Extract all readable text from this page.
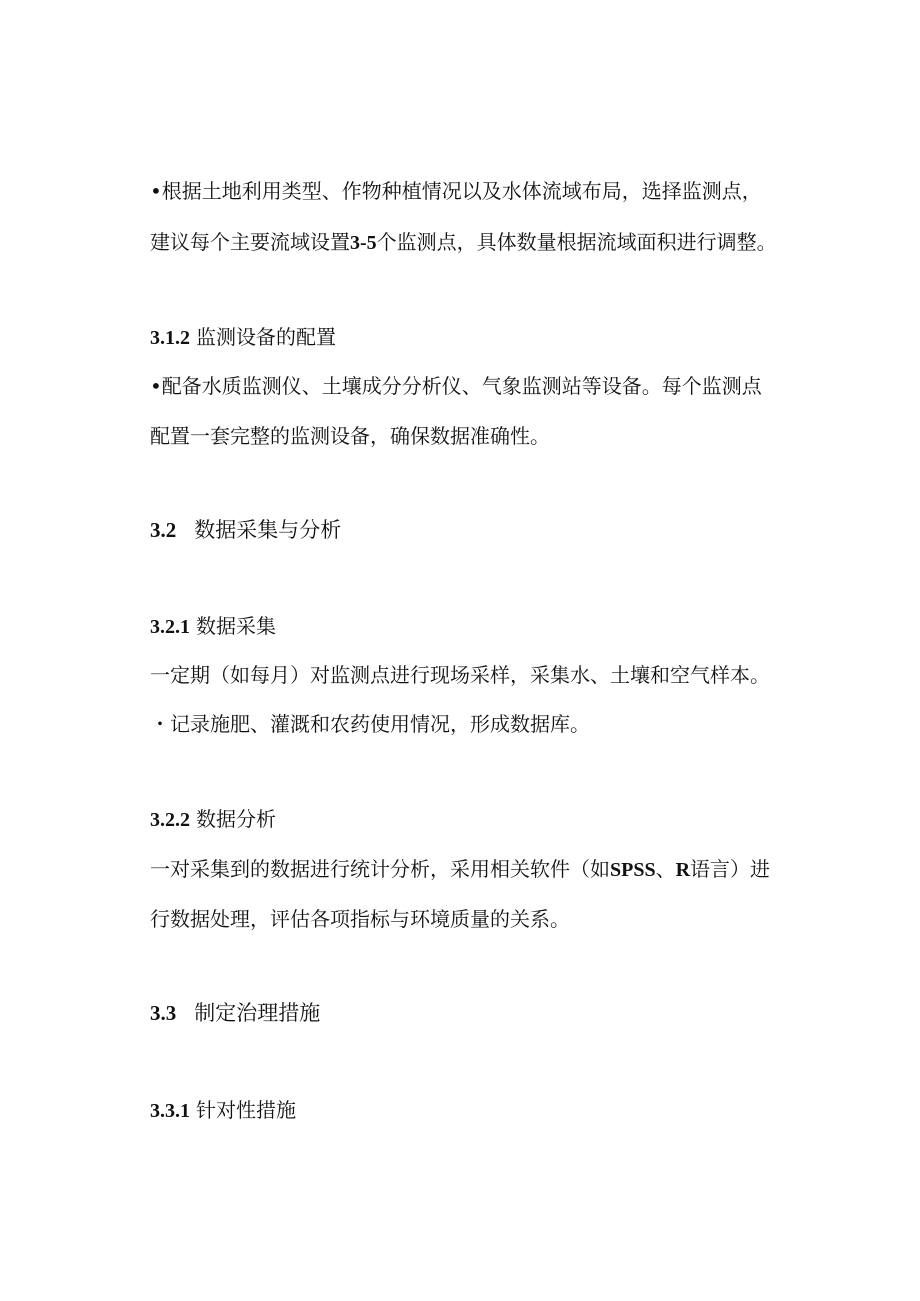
•根据土地利用类型、作物种植情况以及水体流域布局，选择监测点，
建议每个主要流域设置3-5个监测点，具体数量根据流域面积进行调整。
3.1.2 监测设备的配置
•配备水质监测仪、土壤成分分析仪、气象监测站等设备。每个监测点
配置一套完整的监测设备，确保数据准确性。
3.2 数据采集与分析
3.2.1 数据采集
一定期（如每月）对监测点进行现场采样，采集水、土壤和空气样本。
・记录施肥、灌溉和农药使用情况，形成数据库。
3.2.2 数据分析
一对采集到的数据进行统计分析，采用相关软件（如SPSS、R语言）进
行数据处理，评估各项指标与环境质量的关系。
3.3 制定治理措施
3.3.1 针对性措施
